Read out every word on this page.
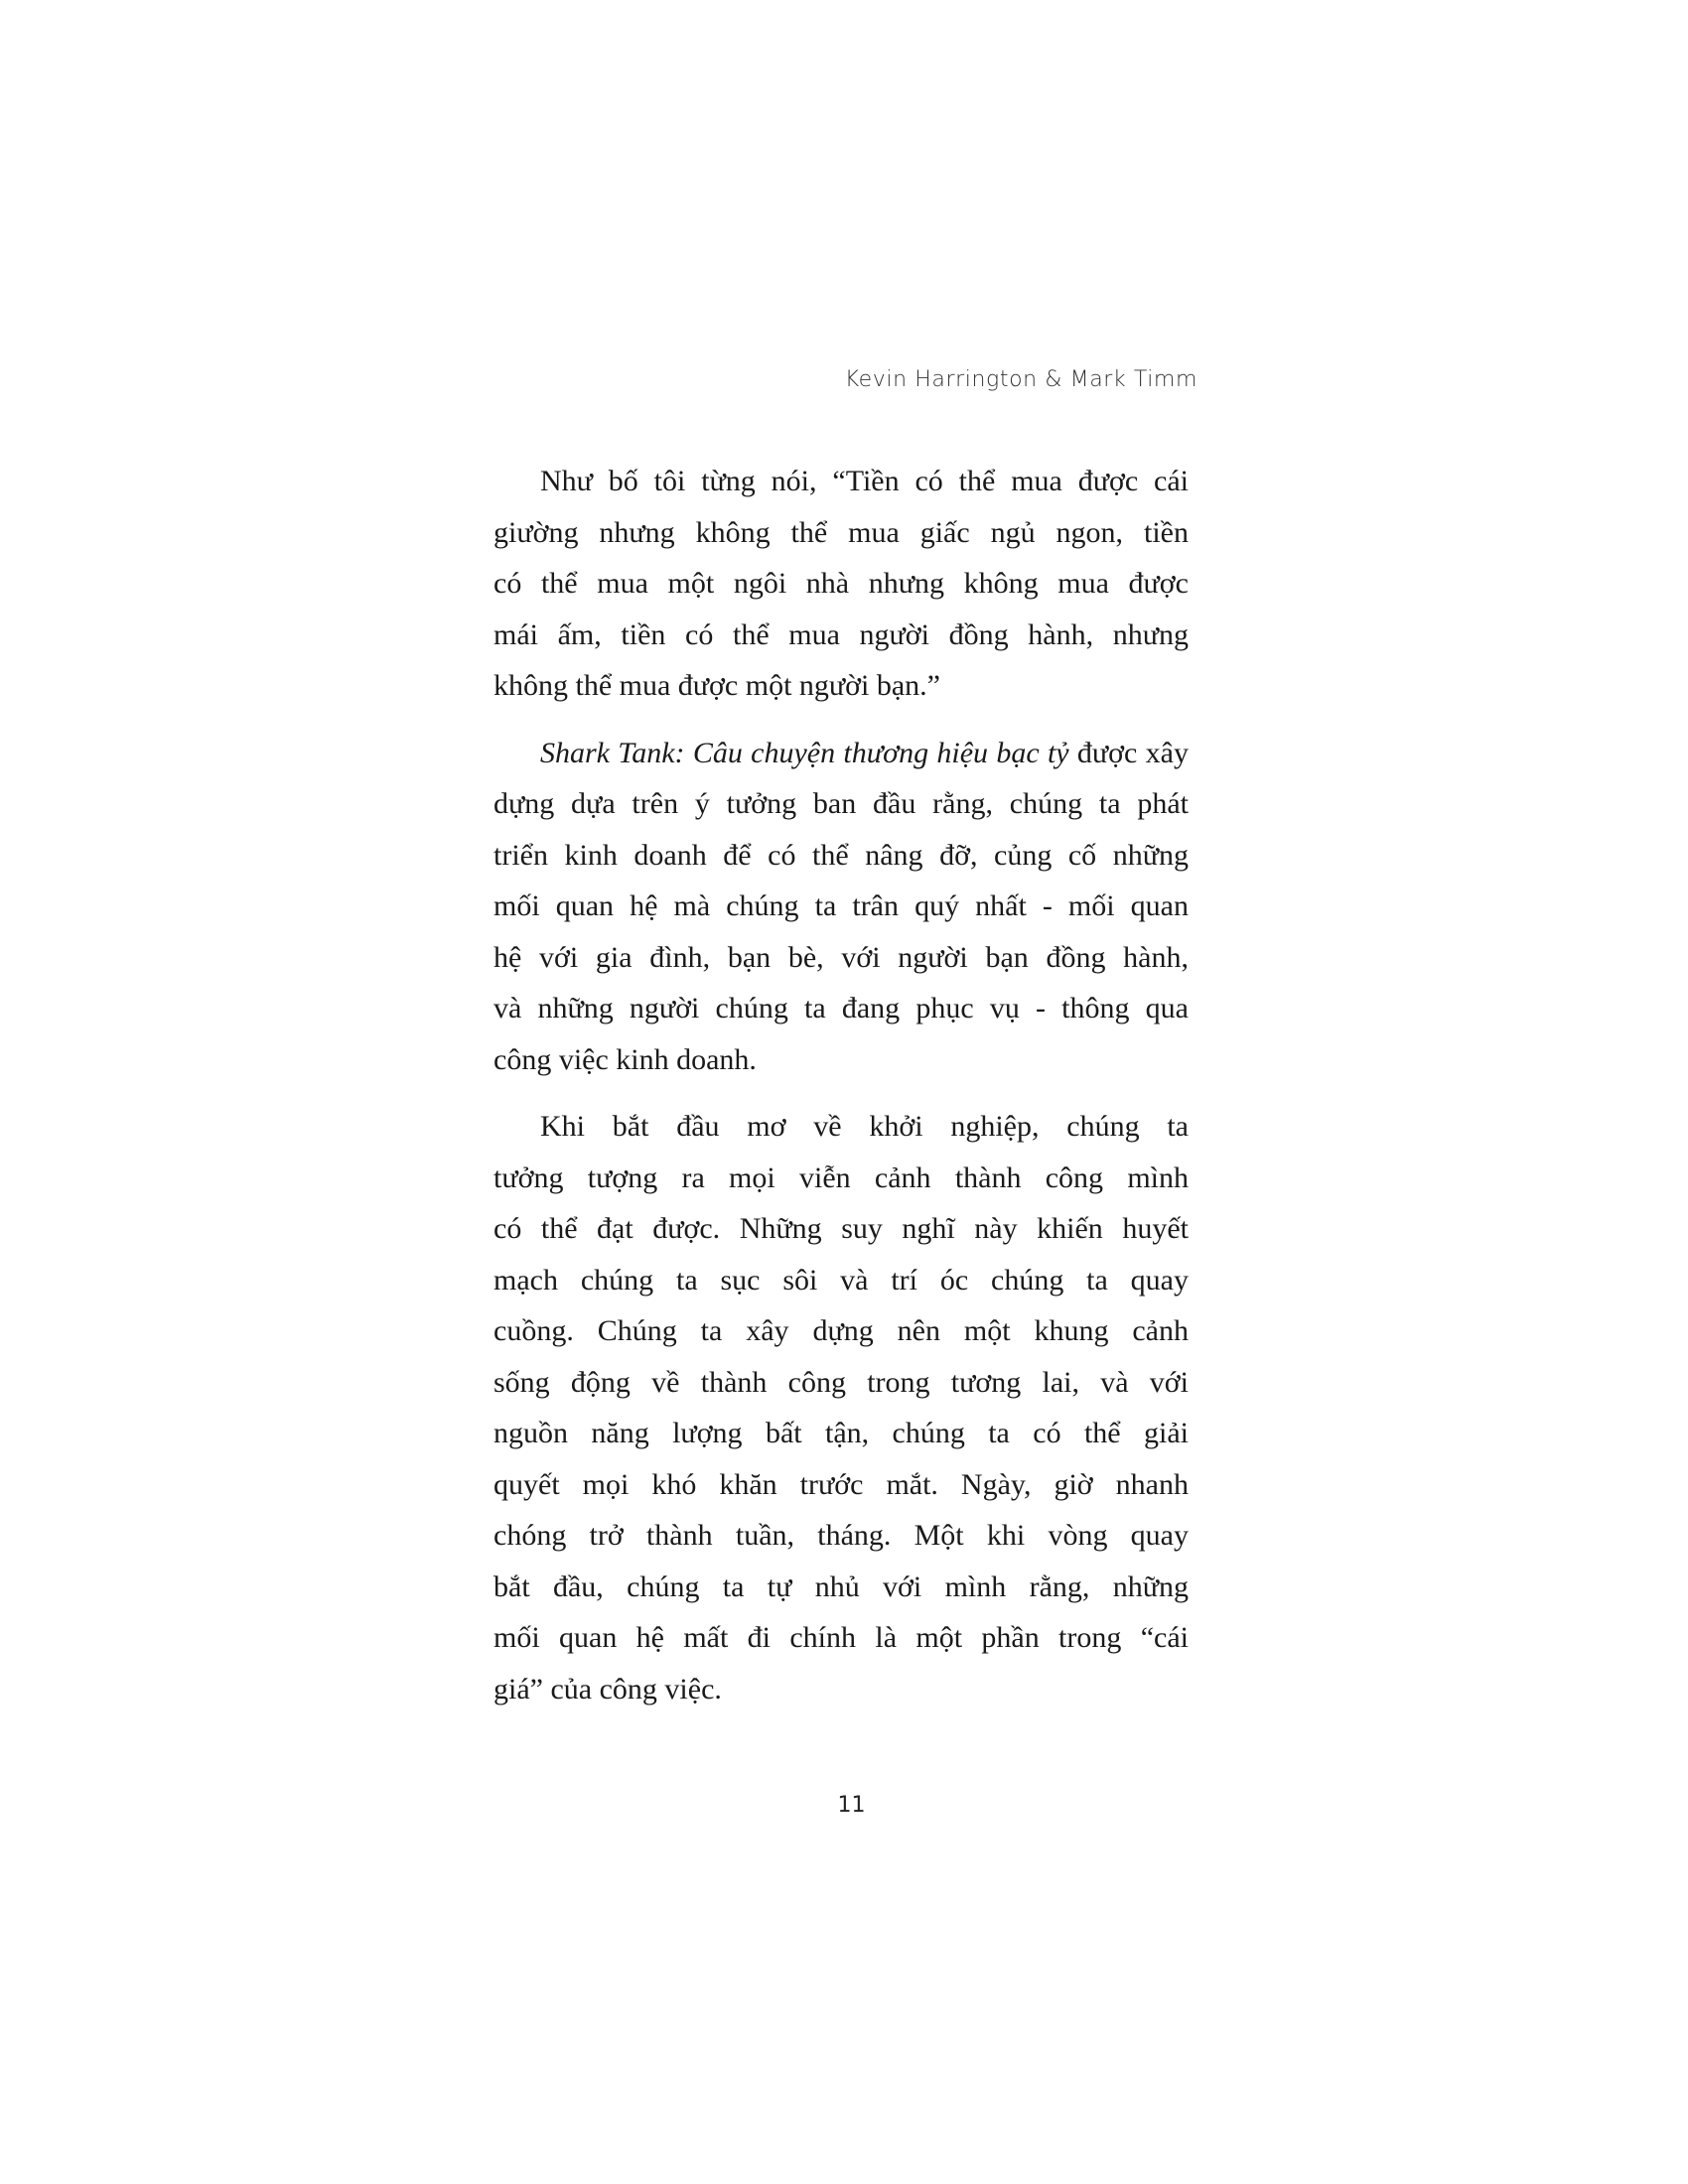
Kevin Harrington & Mark Timm

Như bố tôi từng nói, “Tiền có thể mua được cái
giường nhưng không thể mua giấc ngủ ngon, tiền
có thể mua một ngôi nhà nhưng không mua được
mái ấm, tiền có thể mua người đồng hành, nhưng
không thể mua được một người bạn.”

Shark Tank: Câu chuyện thương hiệu bạc tỷ được xây
dựng dựa trên ý tưởng ban đầu rằng, chúng ta phát
triển kinh doanh để có thể nâng đỡ, củng cố những
mối quan hệ mà chúng ta trân quý nhất - mối quan
hệ với gia đình, bạn bè, với người bạn đồng hành,
và những người chúng ta đang phục vụ - thông qua
công việc kinh doanh.

Khi bắt đầu mơ về khởi nghiệp, chúng ta
tưởng tượng ra mọi viễn cảnh thành công mình
có thể đạt được. Những suy nghĩ này khiến huyết
mạch chúng ta sục sôi và trí óc chúng ta quay
cuồng. Chúng ta xây dựng nên một khung cảnh
sống động về thành công trong tương lai, và với
nguồn năng lượng bất tận, chúng ta có thể giải
quyết mọi khó khăn trước mắt. Ngày, giờ nhanh
chóng trở thành tuần, tháng. Một khi vòng quay
bắt đầu, chúng ta tự nhủ với mình rằng, những
mối quan hệ mất đi chính là một phần trong “cái
giá” của công việc.

11
